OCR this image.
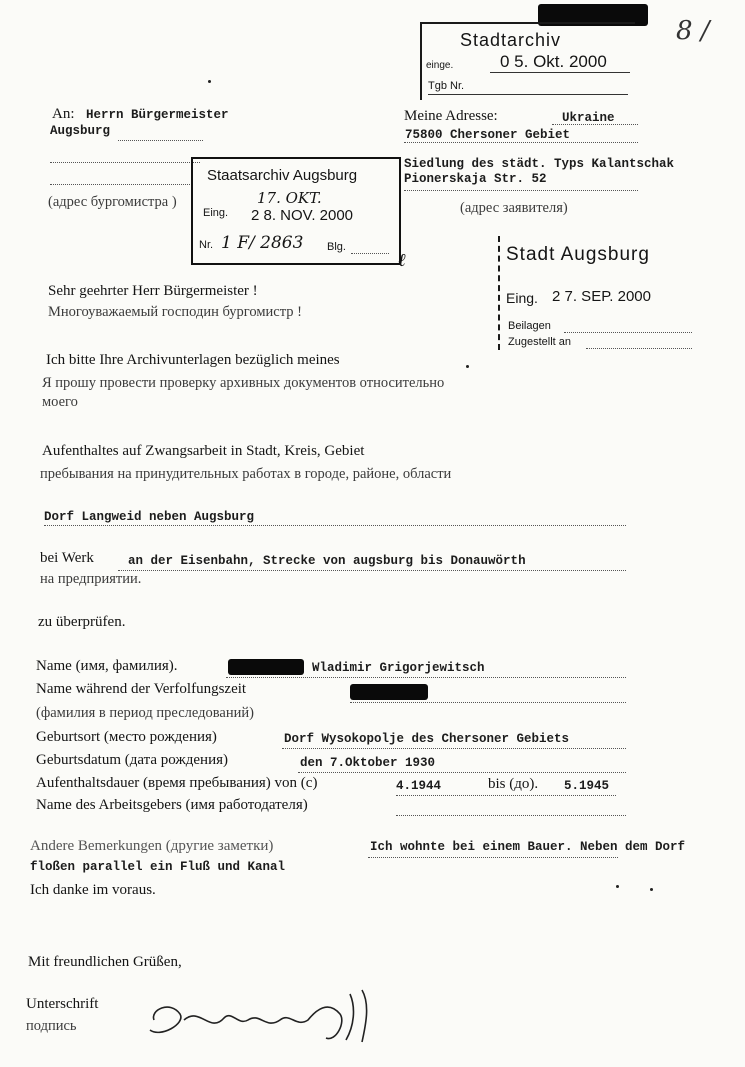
8 /
Stadtarchiv
einge.	0 5. Okt. 2000
Tgb Nr.
An: Herrn Bürgermeister
Augsburg
(адрес бургомистра )
Staatsarchiv Augsburg
17. OKT.
Eing. 2 8. NOV. 2000
Nr. 1 F/ 2863 Blg.
ℓ
Meine Adresse:	Ukraine
75800 Chersoner Gebiet
Siedlung des städt. Typs Kalantschak
Pionerskaja Str. 52
(адрес заявителя)
Stadt Augsburg
Eing. 2 7. SEP. 2000
Beilagen
Zugestellt an
Sehr geehrter Herr Bürgermeister !
Многоуважаемый господин бургомистр !
Ich bitte Ihre Archivunterlagen bezüglich meines
Я прошу провести проверку архивных документов относительно
моего
Aufenthaltes auf Zwangsarbeit in Stadt, Kreis, Gebiet
пребывания на принудительных работах в городе, районе, области
Dorf Langweid neben Augsburg
bei Werk	an der Eisenbahn, Strecke von augsburg bis Donauwörth
на предприятии.
zu überprüfen.
Name (имя, фамилия).	Wladimir Grigorjewitsch
Name während der Verfolfungszeit
(фамилия в период преследований)
Geburtsort (место рождения)	Dorf Wysokopolje des Chersoner Gebiets
Geburtsdatum (дата рождения)	den 7.Oktober 1930
Aufenthaltsdauer (время пребывания) von (с)	4.1944	bis (до). 5.1945
Name des Arbeitsgebers (имя работодателя)
Andere Bemerkungen (другие заметки)	Ich wohnte bei einem Bauer. Neben dem Dorf
floßen parallel ein Fluß und Kanal
Ich danke im voraus.
Mit freundlichen Grüßen,
Unterschrift
подпись
